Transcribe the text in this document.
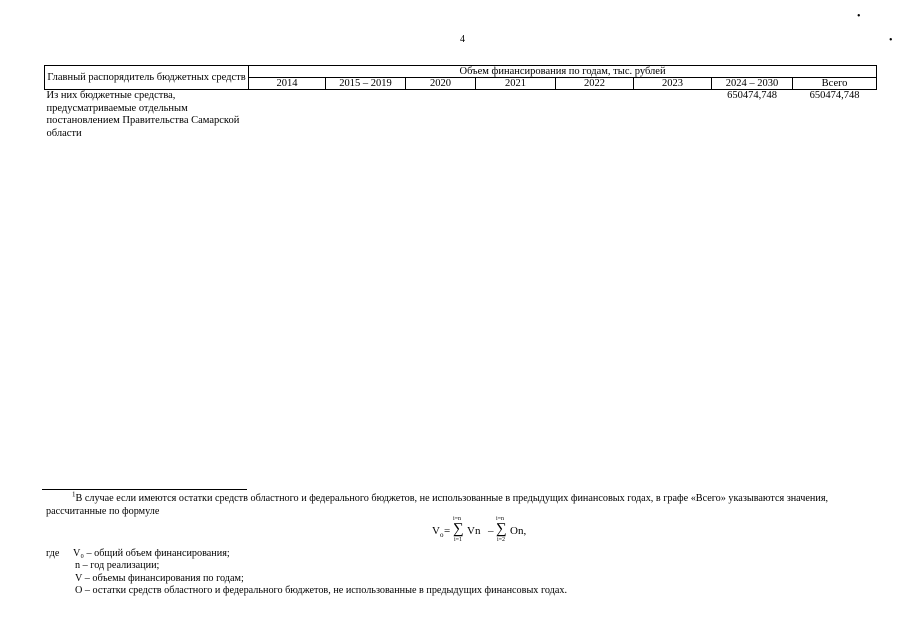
•
•
4
Главный распорядитель бюджетных средств	Объем финансирования по годам, тыс. рублей							
	2014	2015 – 2019	2020	2021	2022	2023	2024 – 2030	Всего
Из них бюджетные средства, предусматриваемые отдельным постановлением Правительства Самарской области							650474,748	650474,748
$^1$В случае если имеются остатки средств областного и федерального бюджетов, не использованные в предыдущих финансовых годах, в графе «Всего» указываются значения, рассчитанные по формуле
$V_o$ =
i=n
∑
i=1
Vn –
i=n
∑
i=2
On,
где V₀ – общий объем финансирования;
n – год реализации;
V – объемы финансирования по годам;
O – остатки средств областного и федерального бюджетов, не использованные в предыдущих финансовых годах.
